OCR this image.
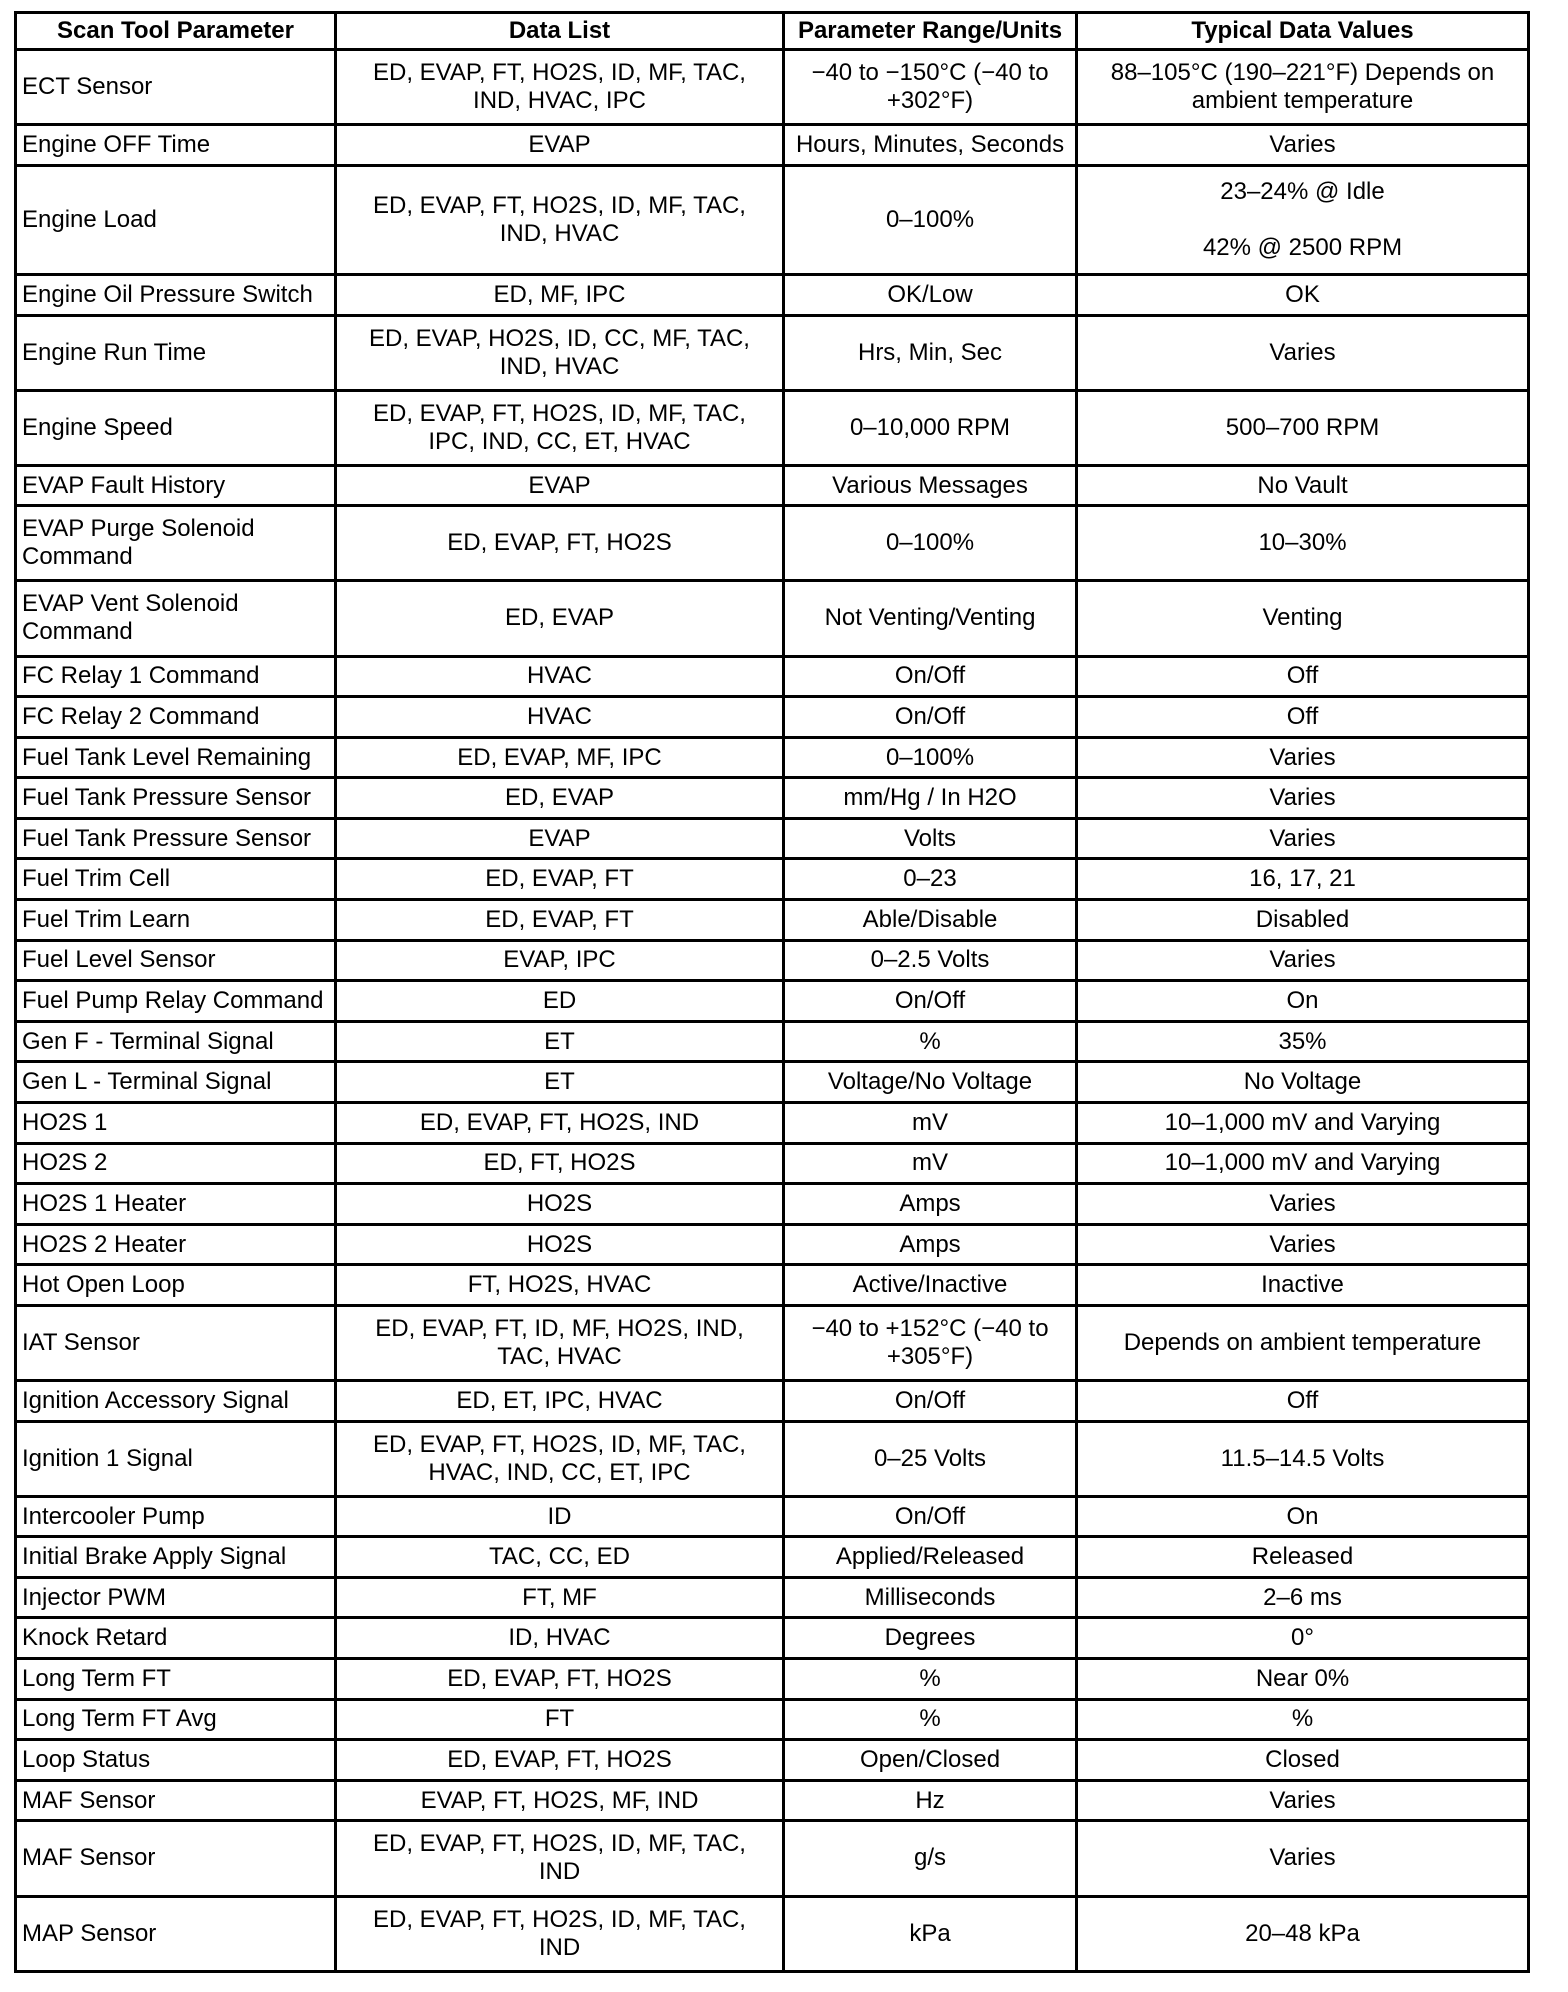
Scan Tool Parameter	Data List	Parameter Range/Units	Typical Data Values
ECT Sensor	ED, EVAP, FT, HO2S, ID, MF, TAC, IND, HVAC, IPC	−40 to −150°C (−40 to +302°F)	88–105°C (190–221°F) Depends on ambient temperature
Engine OFF Time	EVAP	Hours, Minutes, Seconds	Varies
Engine Load	ED, EVAP, FT, HO2S, ID, MF, TAC, IND, HVAC	0–100%	23–24% @ Idle
42% @ 2500 RPM

Engine Oil Pressure Switch	ED, MF, IPC	OK/Low	OK
Engine Run Time	ED, EVAP, HO2S, ID, CC, MF, TAC, IND, HVAC	Hrs, Min, Sec	Varies
Engine Speed	ED, EVAP, FT, HO2S, ID, MF, TAC, IPC, IND, CC, ET, HVAC	0–10,000 RPM	500–700 RPM
EVAP Fault History	EVAP	Various Messages	No Vault
EVAP Purge Solenoid Command	ED, EVAP, FT, HO2S	0–100%	10–30%
EVAP Vent Solenoid Command	ED, EVAP	Not Venting/Venting	Venting
FC Relay 1 Command	HVAC	On/Off	Off
FC Relay 2 Command	HVAC	On/Off	Off
Fuel Tank Level Remaining	ED, EVAP, MF, IPC	0–100%	Varies
Fuel Tank Pressure Sensor	ED, EVAP	mm/Hg / In H2O	Varies
Fuel Tank Pressure Sensor	EVAP	Volts	Varies
Fuel Trim Cell	ED, EVAP, FT	0–23	16, 17, 21
Fuel Trim Learn	ED, EVAP, FT	Able/Disable	Disabled
Fuel Level Sensor	EVAP, IPC	0–2.5 Volts	Varies
Fuel Pump Relay Command	ED	On/Off	On
Gen F - Terminal Signal	ET	%	35%
Gen L - Terminal Signal	ET	Voltage/No Voltage	No Voltage
HO2S 1	ED, EVAP, FT, HO2S, IND	mV	10–1,000 mV and Varying
HO2S 2	ED, FT, HO2S	mV	10–1,000 mV and Varying
HO2S 1 Heater	HO2S	Amps	Varies
HO2S 2 Heater	HO2S	Amps	Varies
Hot Open Loop	FT, HO2S, HVAC	Active/Inactive	Inactive
IAT Sensor	ED, EVAP, FT, ID, MF, HO2S, IND, TAC, HVAC	−40 to +152°C (−40 to +305°F)	Depends on ambient temperature
Ignition Accessory Signal	ED, ET, IPC, HVAC	On/Off	Off
Ignition 1 Signal	ED, EVAP, FT, HO2S, ID, MF, TAC, HVAC, IND, CC, ET, IPC	0–25 Volts	11.5–14.5 Volts
Intercooler Pump	ID	On/Off	On
Initial Brake Apply Signal	TAC, CC, ED	Applied/Released	Released
Injector PWM	FT, MF	Milliseconds	2–6 ms
Knock Retard	ID, HVAC	Degrees	0°
Long Term FT	ED, EVAP, FT, HO2S	%	Near 0%
Long Term FT Avg	FT	%	%
Loop Status	ED, EVAP, FT, HO2S	Open/Closed	Closed
MAF Sensor	EVAP, FT, HO2S, MF, IND	Hz	Varies
MAF Sensor	ED, EVAP, FT, HO2S, ID, MF, TAC, IND	g/s	Varies
MAP Sensor	ED, EVAP, FT, HO2S, ID, MF, TAC, IND	kPa	20–48 kPa
